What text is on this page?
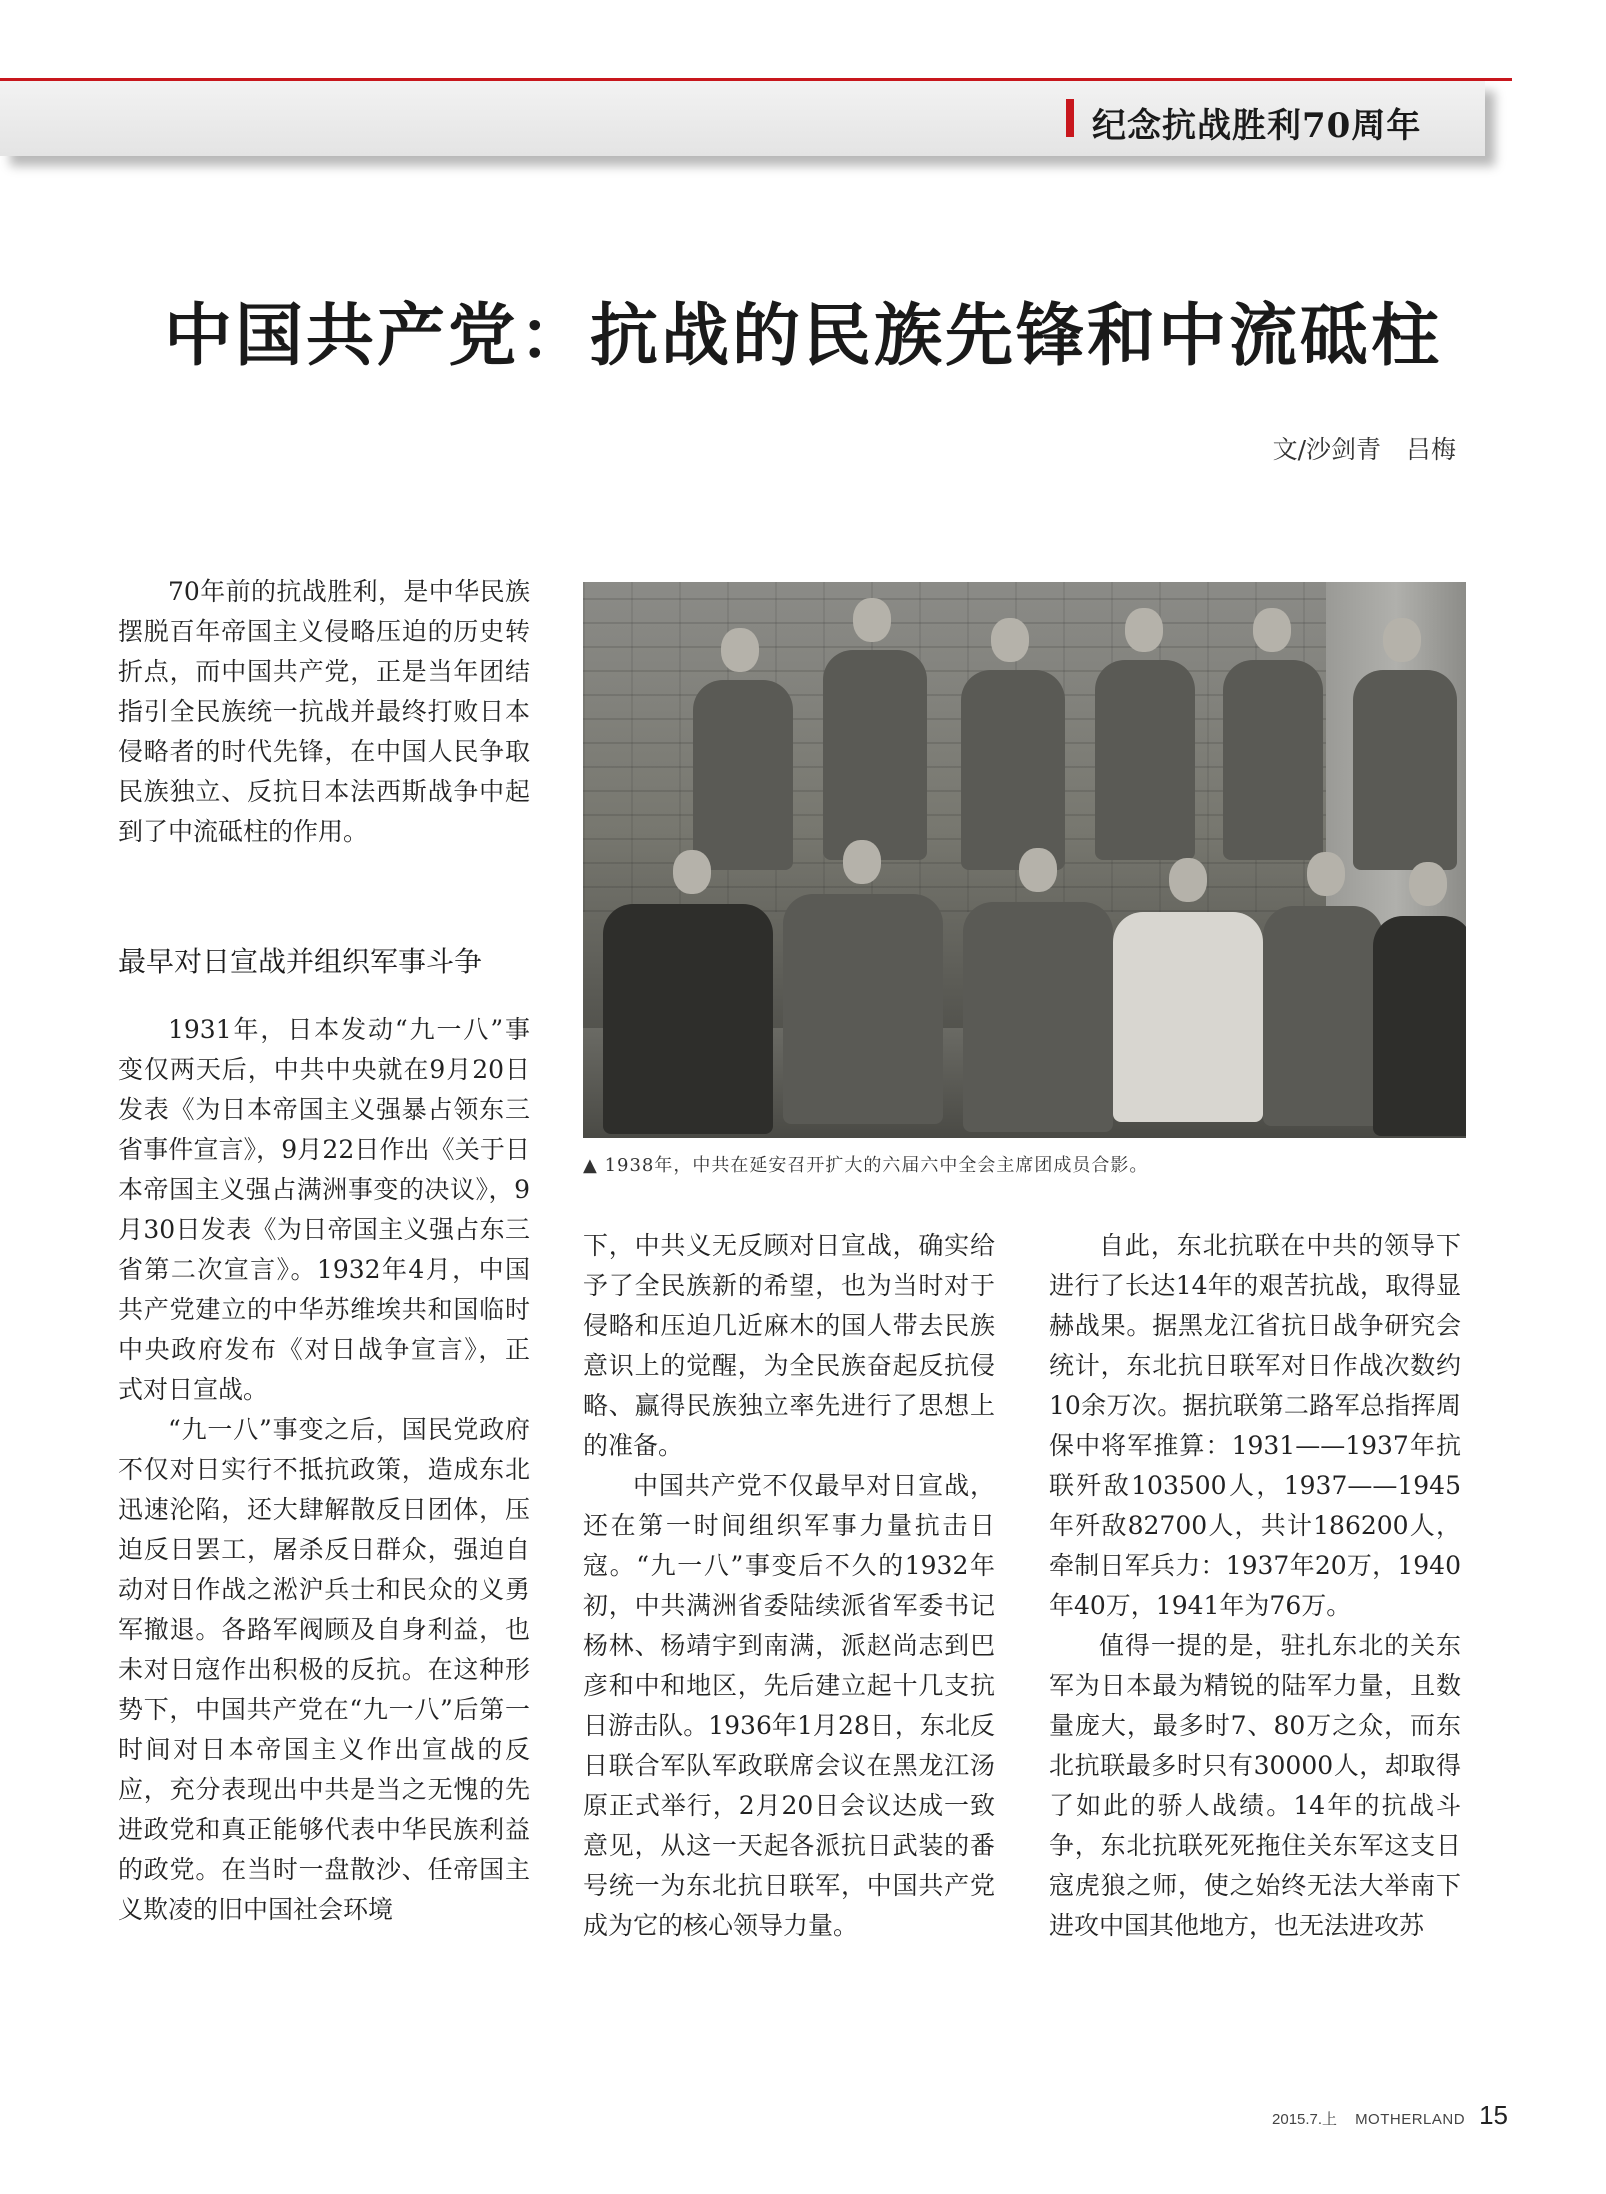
纪念抗战胜利70周年
中国共产党：抗战的民族先锋和中流砥柱
文/沙剑青　吕梅

70年前的抗战胜利，是中华民族摆脱百年帝国主义侵略压迫的历史转折点，而中国共产党，正是当年团结指引全民族统一抗战并最终打败日本侵略者的时代先锋，在中国人民争取民族独立、反抗日本法西斯战争中起到了中流砥柱的作用。

最早对日宣战并组织军事斗争

1931年，日本发动“九一八”事变仅两天后，中共中央就在9月20日发表《为日本帝国主义强暴占领东三省事件宣言》，9月22日作出《关于日本帝国主义强占满洲事变的决议》，9月30日发表《为日帝国主义强占东三省第二次宣言》。1932年4月，中国共产党建立的中华苏维埃共和国临时中央政府发布《对日战争宣言》，正式对日宣战。

“九一八”事变之后，国民党政府不仅对日实行不抵抗政策，造成东北迅速沦陷，还大肆解散反日团体，压迫反日罢工，屠杀反日群众，强迫自动对日作战之淞沪兵士和民众的义勇军撤退。各路军阀顾及自身利益，也未对日寇作出积极的反抗。在这种形势下，中国共产党在“九一八”后第一时间对日本帝国主义作出宣战的反应，充分表现出中共是当之无愧的先进政党和真正能够代表中华民族利益的政党。在当时一盘散沙、任帝国主义欺凌的旧中国社会环境

▲ 1938年，中共在延安召开扩大的六届六中全会主席团成员合影。

下，中共义无反顾对日宣战，确实给予了全民族新的希望，也为当时对于侵略和压迫几近麻木的国人带去民族意识上的觉醒，为全民族奋起反抗侵略、赢得民族独立率先进行了思想上的准备。

中国共产党不仅最早对日宣战，还在第一时间组织军事力量抗击日寇。“九一八”事变后不久的1932年初，中共满洲省委陆续派省军委书记杨林、杨靖宇到南满，派赵尚志到巴彦和中和地区，先后建立起十几支抗日游击队。1936年1月28日，东北反日联合军队军政联席会议在黑龙江汤原正式举行，2月20日会议达成一致意见，从这一天起各派抗日武装的番号统一为东北抗日联军，中国共产党成为它的核心领导力量。

自此，东北抗联在中共的领导下进行了长达14年的艰苦抗战，取得显赫战果。据黑龙江省抗日战争研究会统计，东北抗日联军对日作战次数约10余万次。据抗联第二路军总指挥周保中将军推算：1931——1937年抗联歼敌103500人，1937——1945年歼敌82700人，共计186200人，牵制日军兵力：1937年20万，1940年40万，1941年为76万。

值得一提的是，驻扎东北的关东军为日本最为精锐的陆军力量，且数量庞大，最多时7、80万之众，而东北抗联最多时只有30000人，却取得了如此的骄人战绩。14年的抗战斗争，东北抗联死死拖住关东军这支日寇虎狼之师，使之始终无法大举南下进攻中国其他地方，也无法进攻苏

2015.7.上 MOTHERLAND 15
